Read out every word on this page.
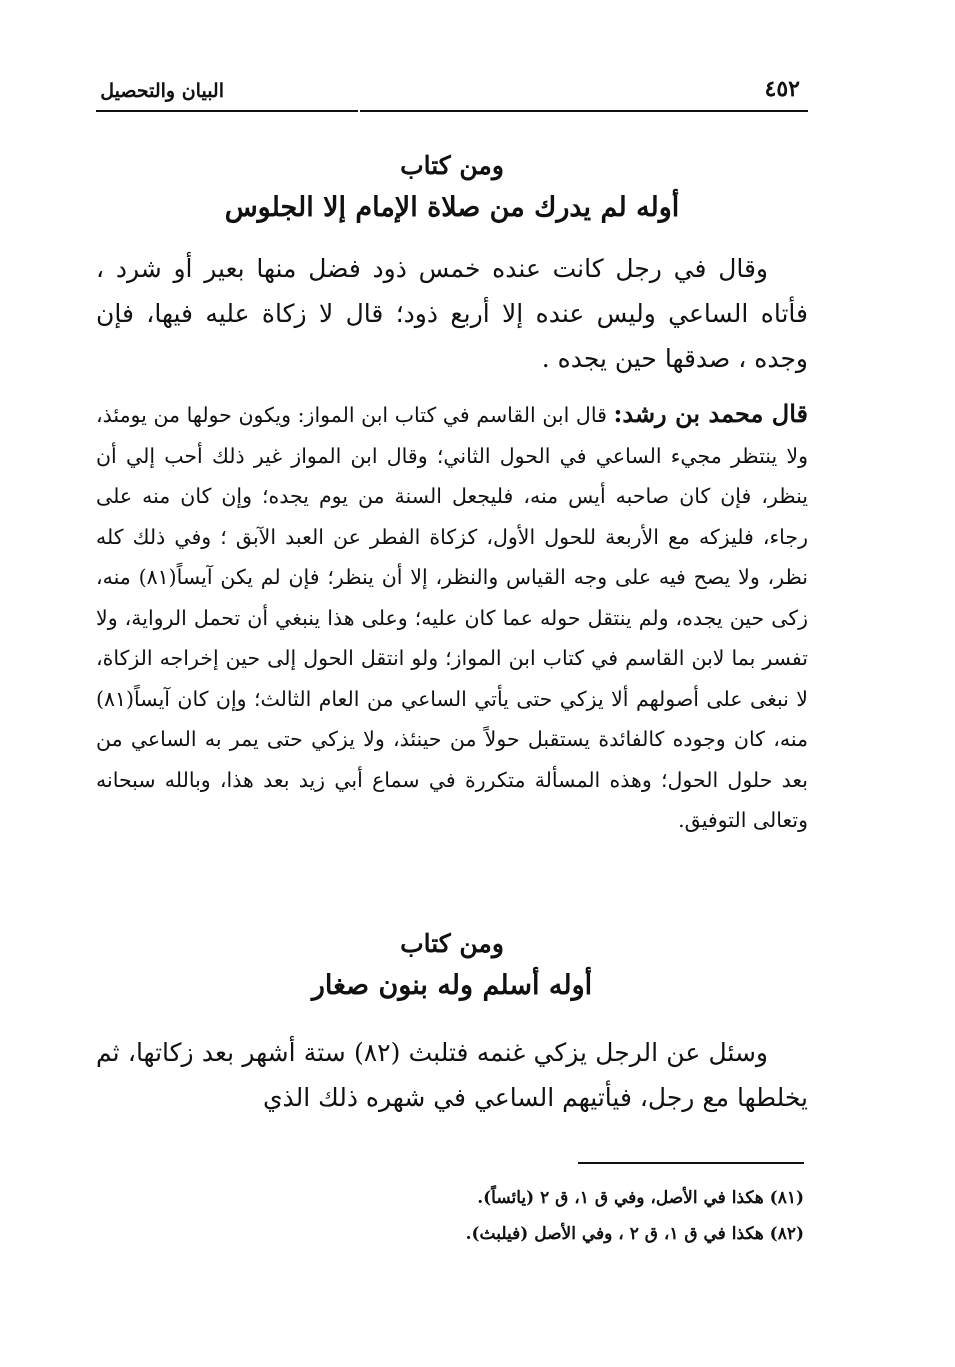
٤٥٢
البيان والتحصيل
ومن كتاب
أوله لم يدرك من صلاة الإمام إلا الجلوس
وقال في رجل كانت عنده خمس ذود فضل منها بعير أو شرد ، فأتاه الساعي وليس عنده إلا أربع ذود؛ قال لا زكاة عليه فيها، فإن وجده ، صدقها حين يجده .
قال محمد بن رشد: قال ابن القاسم في كتاب ابن المواز: ويكون حولها من يومئذ، ولا ينتظر مجيء الساعي في الحول الثاني؛ وقال ابن المواز غير ذلك أحب إلي أن ينظر، فإن كان صاحبه أيس منه، فليجعل السنة من يوم يجده؛ وإن كان منه على رجاء، فليزكه مع الأربعة للحول الأول، كزكاة الفطر عن العبد الآبق ؛ وفي ذلك كله نظر، ولا يصح فيه على وجه القياس والنظر، إلا أن ينظر؛ فإن لم يكن آيساً(٨١) منه، زكى حين يجده، ولم ينتقل حوله عما كان عليه؛ وعلى هذا ينبغي أن تحمل الرواية، ولا تفسر بما لابن القاسم في كتاب ابن المواز؛ ولو انتقل الحول إلى حين إخراجه الزكاة، لا نبغى على أصولهم ألا يزكي حتى يأتي الساعي من العام الثالث؛ وإن كان آيساً(٨١) منه، كان وجوده كالفائدة يستقبل حولاً من حينئذ، ولا يزكي حتى يمر به الساعي من بعد حلول الحول؛ وهذه المسألة متكررة في سماع أبي زيد بعد هذا، وبالله سبحانه وتعالى التوفيق.
ومن كتاب
أوله أسلم وله بنون صغار
وسئل عن الرجل يزكي غنمه فتلبث (٨٢) ستة أشهر بعد زكاتها، ثم يخلطها مع رجل، فيأتيهم الساعي في شهره ذلك الذي
(٨١) هكذا في الأصل، وفي ق ١، ق ٢ (يائساً).
(٨٢) هكذا في ق ١، ق ٢ ، وفي الأصل (فيلبث).
